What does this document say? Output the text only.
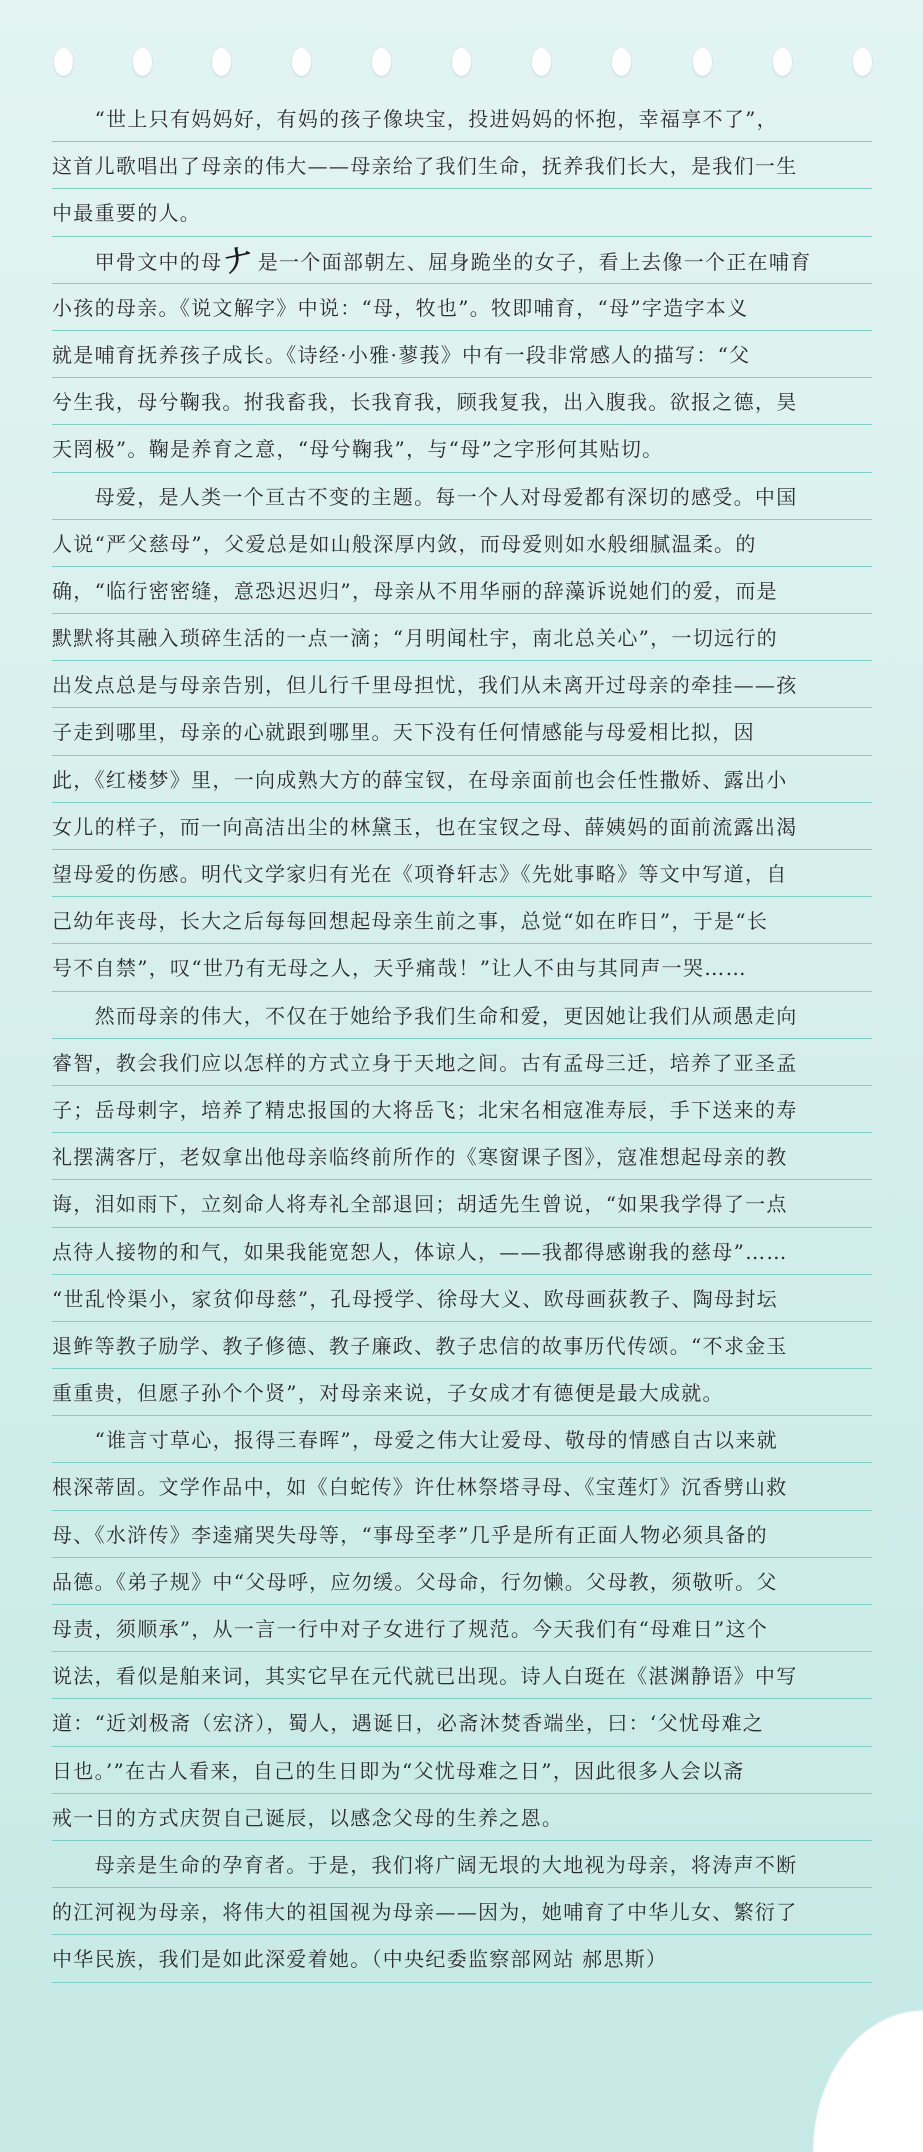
　　“世上只有妈妈好，有妈的孩子像块宝，投进妈妈的怀抱，幸福享不了”，
这首儿歌唱出了母亲的伟大——母亲给了我们生命，抚养我们长大，是我们一生
中最重要的人。
　　甲骨文中的母𠂇是一个面部朝左、屈身跪坐的女子，看上去像一个正在哺育
小孩的母亲。《说文解字》中说：“母，牧也”。牧即哺育，“母”字造字本义
就是哺育抚养孩子成长。《诗经·小雅·蓼莪》中有一段非常感人的描写：“父
兮生我，母兮鞠我。拊我畜我，长我育我，顾我复我，出入腹我。欲报之德，昊
天罔极”。鞠是养育之意，“母兮鞠我”，与“母”之字形何其贴切。
　　母爱，是人类一个亘古不变的主题。每一个人对母爱都有深切的感受。中国
人说“严父慈母”，父爱总是如山般深厚内敛，而母爱则如水般细腻温柔。的
确，“临行密密缝，意恐迟迟归”，母亲从不用华丽的辞藻诉说她们的爱，而是
默默将其融入琐碎生活的一点一滴；“月明闻杜宇，南北总关心”，一切远行的
出发点总是与母亲告别，但儿行千里母担忧，我们从未离开过母亲的牵挂——孩
子走到哪里，母亲的心就跟到哪里。天下没有任何情感能与母爱相比拟，因
此，《红楼梦》里，一向成熟大方的薛宝钗，在母亲面前也会任性撒娇、露出小
女儿的样子，而一向高洁出尘的林黛玉，也在宝钗之母、薛姨妈的面前流露出渴
望母爱的伤感。明代文学家归有光在《项脊轩志》《先妣事略》等文中写道，自
己幼年丧母，长大之后每每回想起母亲生前之事，总觉“如在昨日”，于是“长
号不自禁”，叹“世乃有无母之人，天乎痛哉！”让人不由与其同声一哭……
　　然而母亲的伟大，不仅在于她给予我们生命和爱，更因她让我们从顽愚走向
睿智，教会我们应以怎样的方式立身于天地之间。古有孟母三迁，培养了亚圣孟
子；岳母刺字，培养了精忠报国的大将岳飞；北宋名相寇准寿辰，手下送来的寿
礼摆满客厅，老奴拿出他母亲临终前所作的《寒窗课子图》，寇准想起母亲的教
诲，泪如雨下，立刻命人将寿礼全部退回；胡适先生曾说，“如果我学得了一点
点待人接物的和气，如果我能宽恕人，体谅人，——我都得感谢我的慈母”……
“世乱怜渠小，家贫仰母慈”，孔母授学、徐母大义、欧母画荻教子、陶母封坛
退鲊等教子励学、教子修德、教子廉政、教子忠信的故事历代传颂。“不求金玉
重重贵，但愿子孙个个贤”，对母亲来说，子女成才有德便是最大成就。
　　“谁言寸草心，报得三春晖”，母爱之伟大让爱母、敬母的情感自古以来就
根深蒂固。文学作品中，如《白蛇传》许仕林祭塔寻母、《宝莲灯》沉香劈山救
母、《水浒传》李逵痛哭失母等，“事母至孝”几乎是所有正面人物必须具备的
品德。《弟子规》中“父母呼，应勿缓。父母命，行勿懒。父母教，须敬听。父
母责，须顺承”，从一言一行中对子女进行了规范。今天我们有“母难日”这个
说法，看似是舶来词，其实它早在元代就已出现。诗人白珽在《湛渊静语》中写
道：“近刘极斋（宏济），蜀人，遇诞日，必斋沐焚香端坐，曰：‘父忧母难之
日也。’”在古人看来，自己的生日即为“父忧母难之日”，因此很多人会以斋
戒一日的方式庆贺自己诞辰，以感念父母的生养之恩。
　　母亲是生命的孕育者。于是，我们将广阔无垠的大地视为母亲，将涛声不断
的江河视为母亲，将伟大的祖国视为母亲——因为，她哺育了中华儿女、繁衍了
中华民族，我们是如此深爱着她。（中央纪委监察部网站 郝思斯）
